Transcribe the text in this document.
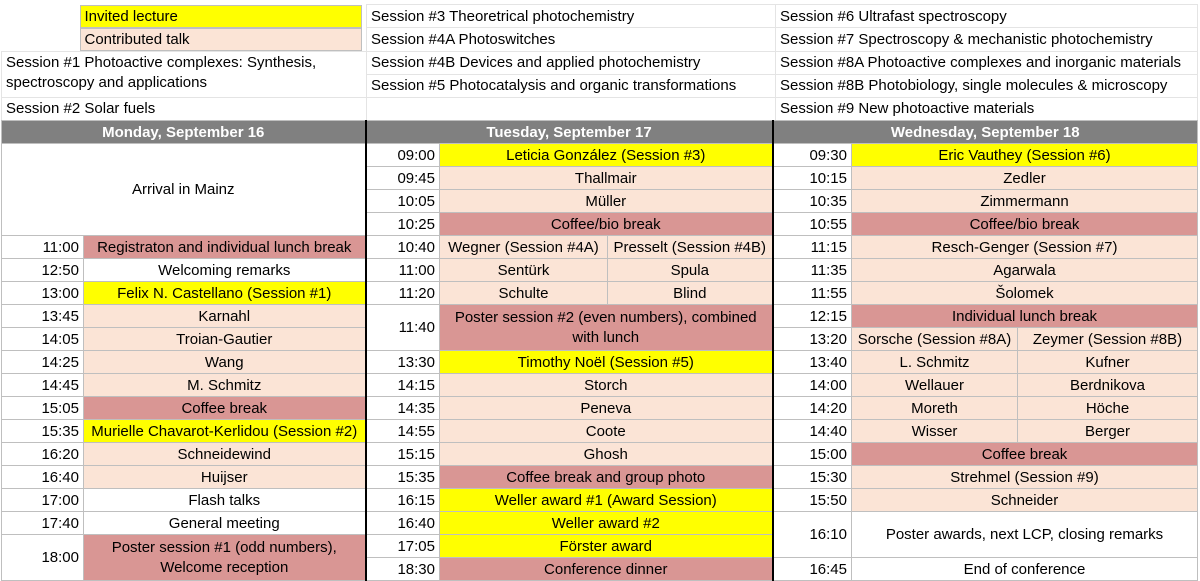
Invited lecture	Session #3 Theoretrical photochemistry	Session #6 Ultrafast spectroscopy

Contributed talk	Session #4A Photoswitches	Session #7 Spectroscopy & mechanistic photochemistry
Session #1 Photoactive complexes: Synthesis, spectroscopy and applications	Session #4B Devices and applied photochemistry	Session #8A Photoactive complexes and inorganic materials
	Session #5 Photocatalysis and organic transformations	Session #8B Photobiology, single molecules & microscopy
Session #2 Solar fuels		Session #9 New photoactive materials
Monday, September 16		Tuesday, September 17			Wednesday, September 18		
Arrival in Mainz		09:00	Leticia González (Session #3)		09:30	Eric Vauthey (Session #6)	
		09:45	Thallmair		10:15	Zedler	
		10:05	Müller		10:35	Zimmermann	
		10:25	Coffee/bio break		10:55	Coffee/bio break	
11:00	Registraton and individual lunch break	10:40	Wegner (Session #4A)	Presselt (Session #4B)	11:15	Resch-Genger (Session #7)	
12:50	Welcoming remarks	11:00	Sentürk	Spula	11:35	Agarwala	
13:00	Felix N. Castellano (Session #1)	11:20	Schulte	Blind	11:55	Šolomek	
13:45	Karnahl	11:40	Poster session #2 (even numbers), combined with lunch		12:15	Individual lunch break	
14:05	Troian-Gautier				13:20	Sorsche (Session #8A)	Zeymer (Session #8B)
14:25	Wang	13:30	Timothy Noël (Session #5)		13:40	L. Schmitz	Kufner
14:45	M. Schmitz	14:15	Storch		14:00	Wellauer	Berdnikova
15:05	Coffee break	14:35	Peneva		14:20	Moreth	Höche
15:35	Murielle Chavarot-Kerlidou (Session #2)	14:55	Coote		14:40	Wisser	Berger
16:20	Schneidewind	15:15	Ghosh		15:00	Coffee break	
16:40	Huijser	15:35	Coffee break and group photo		15:30	Strehmel (Session #9)	
17:00	Flash talks	16:15	Weller award #1 (Award Session)		15:50	Schneider	
17:40	General meeting	16:40	Weller award #2		16:10	Poster awards, next LCP, closing remarks	
18:00	Poster session #1 (odd numbers), Welcome reception	17:05	Förster award				
		18:30	Conference dinner		16:45	End of conference	
